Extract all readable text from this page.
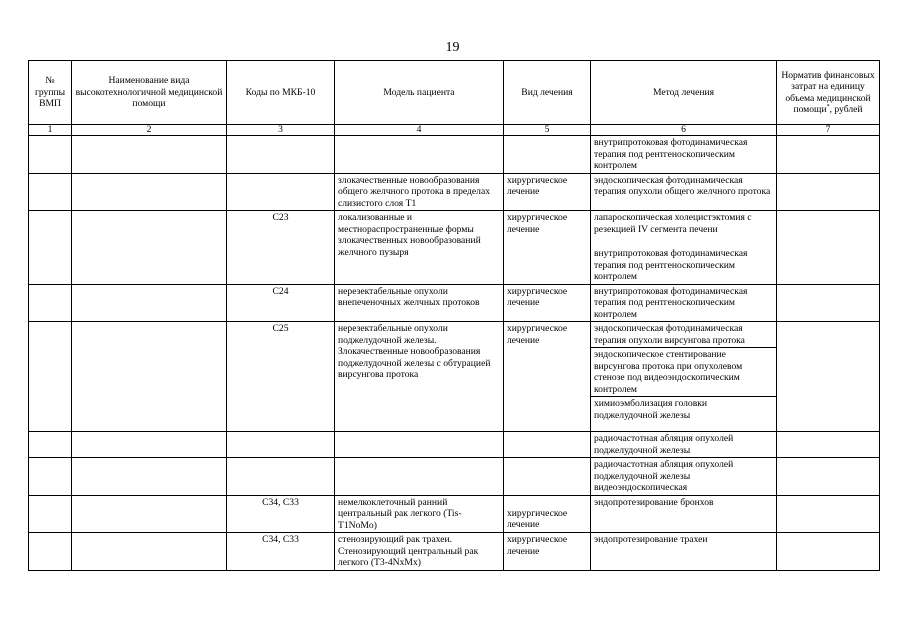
19
№ группы ВМП	Наименование вида высокотехнологичной медицинской помощи	Коды по МКБ-10	Модель пациента	Вид лечения	Метод лечения	Норматив финансовых затрат на единицу объема медицинской помощи*, рублей
1	2	3	4	5	6	7

					внутрипротоковая фотодинамическая терапия под рентгеноскопическим контролем	

			злокачественные новообразования общего желчного протока в пределах слизистого слоя T1	хирургическое лечение	эндоскопическая фотодинамическая терапия опухоли общего желчного протока	

		C23	локализованные и местнораспространенные формы злокачественных новообразований желчного пузыря	хирургическое лечение	лапароскопическая холецистэктомия с резекцией IV сегмента печени
внутрипротоковая фотодинамическая терапия под рентгеноскопическим контролем	

		C24	нерезектабельные опухоли внепеченочных желчных протоков	хирургическое лечение	внутрипротоковая фотодинамическая терапия под рентгеноскопическим контролем	

		C25	нерезектабельные опухоли поджелудочной железы. Злокачественные новообразования поджелудочной железы с обтурацией вирсунгова протока	хирургическое лечение	эндоскопическая фотодинамическая терапия опухоли вирсунгова протока
эндоскопическое стентирование вирсунгова протока при опухолевом стенозе под видеоэндоскопическим контролем
химиоэмболизация головки поджелудочной железы	

					радиочастотная абляция опухолей поджелудочной железы	

					радиочастотная абляция опухолей поджелудочной железы видеоэндоскопическая	

		C34, C33	немелкоклеточный ранний центральный рак легкого (Tis-T1NoMo)	хирургическое лечение	эндопротезирование бронхов	

		C34, C33	стенозирующий рак трахеи. Стенозирующий центральный рак легкого (T3-4NxMx)	хирургическое лечение	эндопротезирование трахеи	
